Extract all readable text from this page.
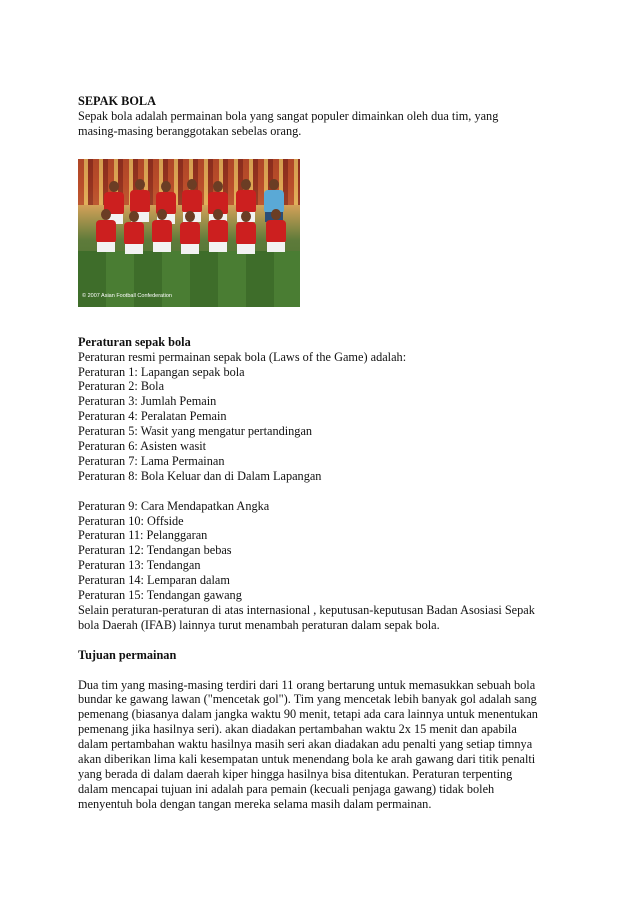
SEPAK BOLA

Sepak bola adalah permainan bola yang sangat populer dimainkan oleh dua tim, yang

masing-masing beranggotakan sebelas orang.

© 2007 Asian Football Confederation

Peraturan sepak bola

Peraturan resmi permainan sepak bola (Laws of the Game) adalah:

Peraturan 1: Lapangan sepak bola

Peraturan 2: Bola

Peraturan 3: Jumlah Pemain

Peraturan 4: Peralatan Pemain

Peraturan 5: Wasit yang mengatur pertandingan

Peraturan 6: Asisten wasit

Peraturan 7: Lama Permainan

Peraturan 8: Bola Keluar dan di Dalam Lapangan

Peraturan 9: Cara Mendapatkan Angka

Peraturan 10: Offside

Peraturan 11: Pelanggaran

Peraturan 12: Tendangan bebas

Peraturan 13: Tendangan

Peraturan 14: Lemparan dalam

Peraturan 15: Tendangan gawang

Selain peraturan-peraturan di atas internasional , keputusan-keputusan Badan Asosiasi Sepak

bola Daerah (IFAB) lainnya turut menambah peraturan dalam sepak bola.

Tujuan permainan

Dua tim yang masing-masing terdiri dari 11 orang bertarung untuk memasukkan sebuah bola

bundar ke gawang lawan ("mencetak gol"). Tim yang mencetak lebih banyak gol adalah sang

pemenang (biasanya dalam jangka waktu 90 menit, tetapi ada cara lainnya untuk menentukan

pemenang jika hasilnya seri). akan diadakan pertambahan waktu 2x 15 menit dan apabila

dalam pertambahan waktu hasilnya masih seri akan diadakan adu penalti yang setiap timnya

akan diberikan lima kali kesempatan untuk menendang bola ke arah gawang dari titik penalti

yang berada di dalam daerah kiper hingga hasilnya bisa ditentukan. Peraturan terpenting

dalam mencapai tujuan ini adalah para pemain (kecuali penjaga gawang) tidak boleh

menyentuh bola dengan tangan mereka selama masih dalam permainan.
